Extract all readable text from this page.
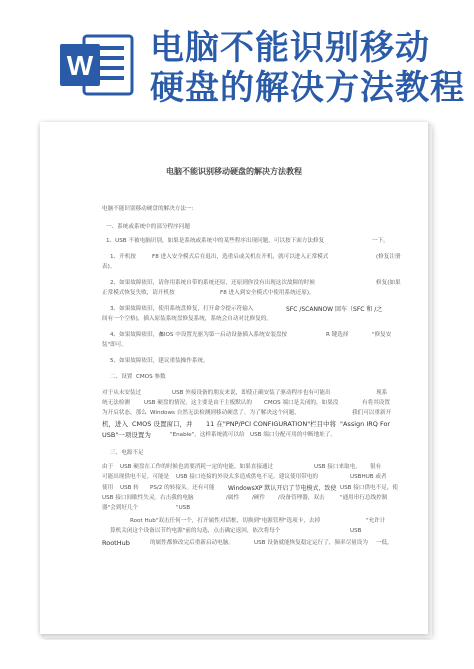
W 电脑不能识别移动
硬盘的解决方法教程
电脑不能识别移动硬盘的解决方法教程
电脑不能识别移动硬盘的解决方法一:
一、系统或系统中的部分程序问题
1、USB 不被电脑识别，如果是系统或系统中的某些程序出现问题，可以按下面方法修复	一下。
1、开机按	F8 进入安全模式后在退出，选重启或关机在开机，就可以进入正常模式	(修复注册
表)。
2、如果故障依旧，请你用系统自带的系统还原，还原到你没有出现这次故障的时候	修复(如果
正常模式恢复失败，请开机按	F8 进入到安全模式中使用系统还原)。
3、如果故障依旧，使用系统盘修复，打开命令提示符输入	SFC /SCANNOW 回车（SFC 和 /之
间有一个空格)，插入原装系统盘修复系统，系统会自动对比修复的。
4、如果故障依旧，在
BIOS 中设置光驱为第一启动设备插入系统安装盘按	R 键选择	"修复安
装"即可。
5、如果故障依旧，建议重装操作系统。
二、设置 CMOS 参数
对于从未安装过	USB 外接设备的朋友来说，即使正确安装了驱动程序也有可能出	现系
统无法检测	USB 硬盘的情况，这主要是由于 主板默认的 CMOS 端口是关闭的，如果没	有将其设置
为开启状态，那么 Windows 自然无法检测到移动硬盘了。为了解决这个问题，	我们可以重新开
机，进入 CMOS 设置窗口，并 11 在"PNP/PCI CONFIGURATION"栏目中将 "Assign IRQ For
USB"一项设置为	"Enable"，这样系统就可以给 USB 端口分配可用的中断地址了。
三、电源不足
由于 USB 硬盘在工作的时候也需要消耗一定的电能，如果直接通过	USB 接口来取电， 很有
可能出现供电不足。可能是 USB 接口连接的外设太多造成供电不足。建议使用带电的	USBHUB 或者
使用 USB 转 PS/2 的转接头。还有可能 WindowsXP 默认开启了节电模式，致使 USB 接口供电不足，使
USB 接口间歇性失灵。右击我的电脑	/属性 /硬件 /设备管理器，双击	"通用串行总线控制
器"会到好几个	"USB
Root Hub"双击任何一个，打开属性对话框，切换到"电源管理"选项卡，去掉	"允许计
算机关闭这个设备以节约电源"前的勾选，点击确定返回，依次将每个	USB
RootHub	的属性都修改完后重新启动电脑。	USB 设备就能恢复稳定运行了，频率尽量设为 一低。
